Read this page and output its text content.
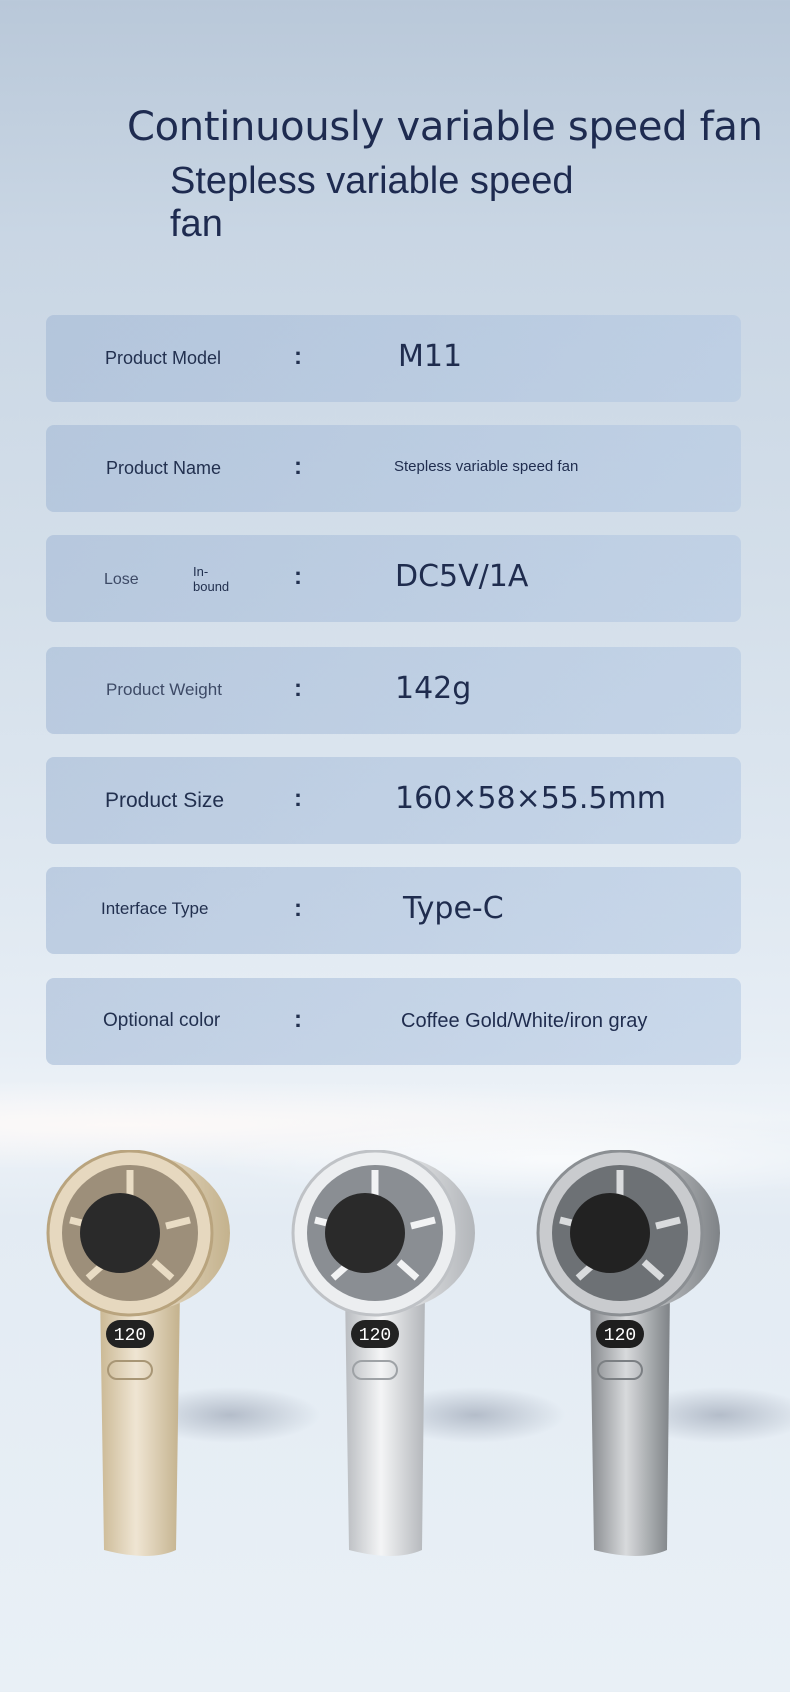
Continuously variable speed fan
Stepless variable speed fan
Product Model	:	M11
Product Name	:	Stepless variable speed fan
Lose	In-bound	:	DC5V/1A
Product Weight	:	142g
Product Size	:	160×58×55.5mm
Interface Type	:	Type-C
Optional color	:	Coffee Gold/White/iron gray
120	120	120
